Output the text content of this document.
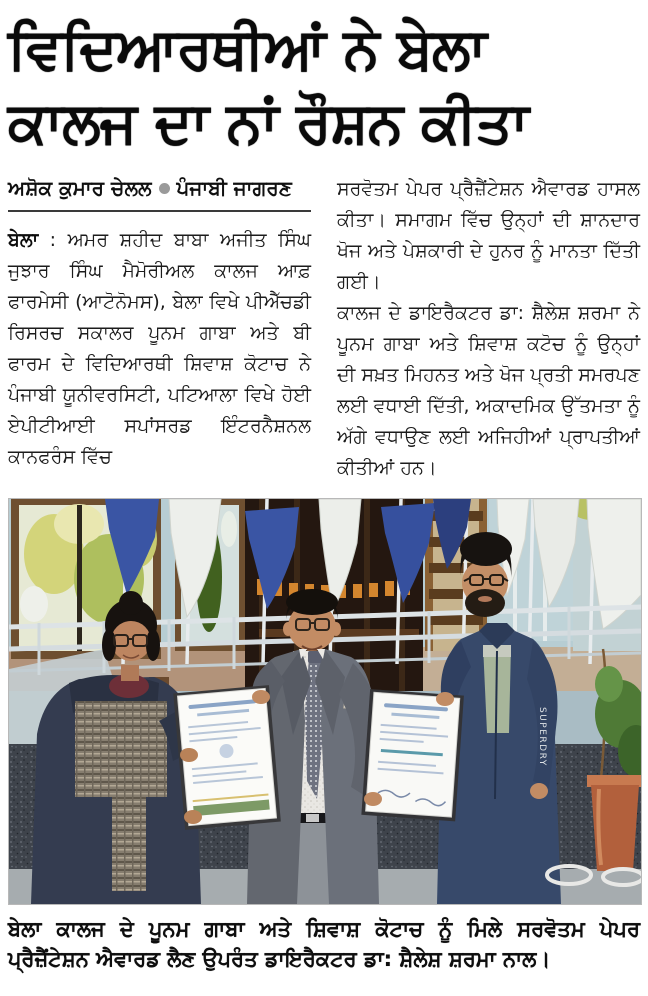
ਵਿਦਿਆਰਥੀਆਂ ਨੇ ਬੇਲਾ
ਕਾਲਜ ਦਾ ਨਾਂ ਰੌਸ਼ਨ ਕੀਤਾ
ਅਸ਼ੋਕ ਕੁਮਾਰ ਚੇਲਲ ਪੰਜਾਬੀ ਜਾਗਰਣ

ਬੇਲਾ : ਅਮਰ ਸ਼ਹੀਦ ਬਾਬਾ ਅਜੀਤ ਸਿੰਘ ਜੁਝਾਰ ਸਿੰਘ ਮੈਮੋਰੀਅਲ ਕਾਲਜ ਆਫ਼ ਫਾਰਮੇਸੀ (ਆਟੋਨੋਮਸ), ਬੇਲਾ ਵਿਖੇ ਪੀਐੱਚਡੀ ਰਿਸਰਚ ਸਕਾਲਰ ਪੂਨਮ ਗਾਬਾ ਅਤੇ ਬੀ ਫਾਰਮ ਦੇ ਵਿਦਿਆਰਥੀ ਸ਼ਿਵਾਸ਼ ਕੋਟਾਚ ਨੇ ਪੰਜਾਬੀ ਯੂਨੀਵਰਸਿਟੀ, ਪਟਿਆਲਾ ਵਿਖੇ ਹੋਈ ਏਪੀਟੀਆਈ ਸਪਾਂਸਰਡ ਇੰਟਰਨੈਸ਼ਨਲ ਕਾਨਫਰੰਸ ਵਿੱਚ

ਸਰਵੋਤਮ ਪੇਪਰ ਪ੍ਰੈਜ਼ੈਂਟੇਸ਼ਨ ਐਵਾਰਡ ਹਾਸਲ ਕੀਤਾ। ਸਮਾਗਮ ਵਿੱਚ ਉਨ੍ਹਾਂ ਦੀ ਸ਼ਾਨਦਾਰ ਖੋਜ ਅਤੇ ਪੇਸ਼ਕਾਰੀ ਦੇ ਹੁਨਰ ਨੂੰ ਮਾਨਤਾ ਦਿੱਤੀ ਗਈ।

ਕਾਲਜ ਦੇ ਡਾਇਰੈਕਟਰ ਡਾ: ਸ਼ੈਲੇਸ਼ ਸ਼ਰਮਾ ਨੇ ਪੂਨਮ ਗਾਬਾ ਅਤੇ ਸ਼ਿਵਾਸ਼ ਕਟੋਚ ਨੂੰ ਉਨ੍ਹਾਂ ਦੀ ਸਖ਼ਤ ਮਿਹਨਤ ਅਤੇ ਖੋਜ ਪ੍ਰਤੀ ਸਮਰਪਣ ਲਈ ਵਧਾਈ ਦਿੱਤੀ, ਅਕਾਦਮਿਕ ਉੱਤਮਤਾ ਨੂੰ ਅੱਗੇ ਵਧਾਉਣ ਲਈ ਅਜਿਹੀਆਂ ਪ੍ਰਾਪਤੀਆਂ ਕੀਤੀਆਂ ਹਨ।

SUPERDRY
ਬੇਲਾ ਕਾਲਜ ਦੇ ਪੂਨਮ ਗਾਬਾ ਅਤੇ ਸ਼ਿਵਾਸ਼ ਕੋਟਾਚ ਨੂੰ ਮਿਲੇ ਸਰਵੋਤਮ ਪੇਪਰ ਪ੍ਰੈਜ਼ੈਂਟੇਸ਼ਨ ਐਵਾਰਡ ਲੈਣ ਉਪਰੰਤ ਡਾਇਰੈਕਟਰ ਡਾ: ਸ਼ੈਲੇਸ਼ ਸ਼ਰਮਾ ਨਾਲ।
